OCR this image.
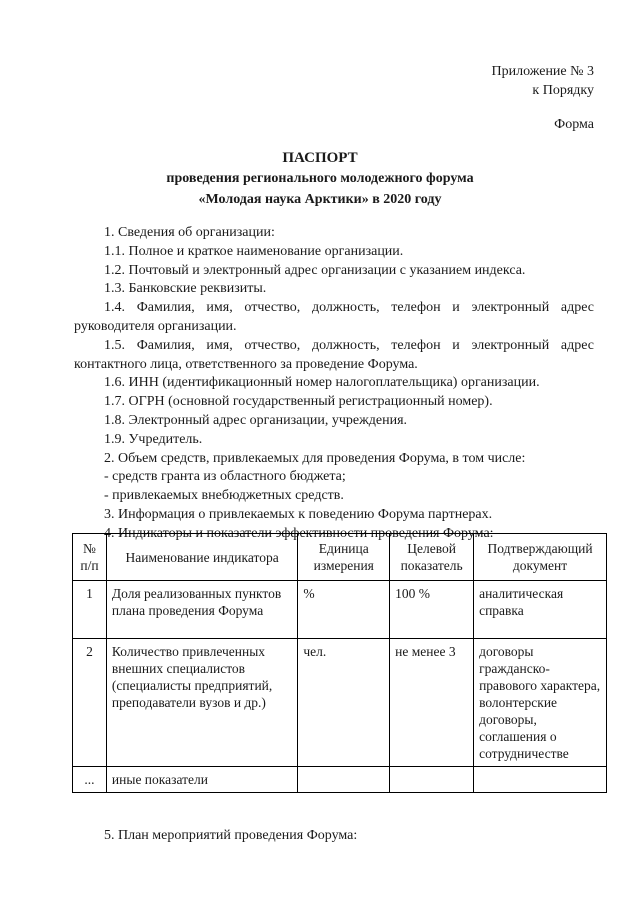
Приложение № 3
к Порядку
Форма
ПАСПОРТ
проведения регионального молодежного форума
«Молодая наука Арктики» в 2020 году

1. Сведения об организации:

1.1. Полное и краткое наименование организации.

1.2. Почтовый и электронный адрес организации с указанием индекса.

1.3. Банковские реквизиты.

1.4. Фамилия, имя, отчество, должность, телефон и электронный адрес руководителя организации.

1.5. Фамилия, имя, отчество, должность, телефон и электронный адрес контактного лица, ответственного за проведение Форума.

1.6. ИНН (идентификационный номер налогоплательщика) организации.

1.7. ОГРН (основной государственный регистрационный номер).

1.8. Электронный адрес организации, учреждения.

1.9. Учредитель.

2. Объем средств, привлекаемых для проведения Форума, в том числе:

- средств гранта из областного бюджета;

- привлекаемых внебюджетных средств.

3. Информация о привлекаемых к поведению Форума партнерах.

4. Индикаторы и показатели эффективности проведения Форума:

№ п/п	Наименование индикатора	Единица измерения	Целевой показатель	Подтверждающий документ
1	Доля реализованных пунктов плана проведения Форума	%	100 %	аналитическая справка
2	Количество привлеченных внешних специалистов (специалисты предприятий, преподаватели вузов и др.)	чел.	не менее 3	договоры гражданско-правового характера, волонтерские договоры, соглашения о сотрудничестве
...	иные показатели			
5. План мероприятий проведения Форума:
